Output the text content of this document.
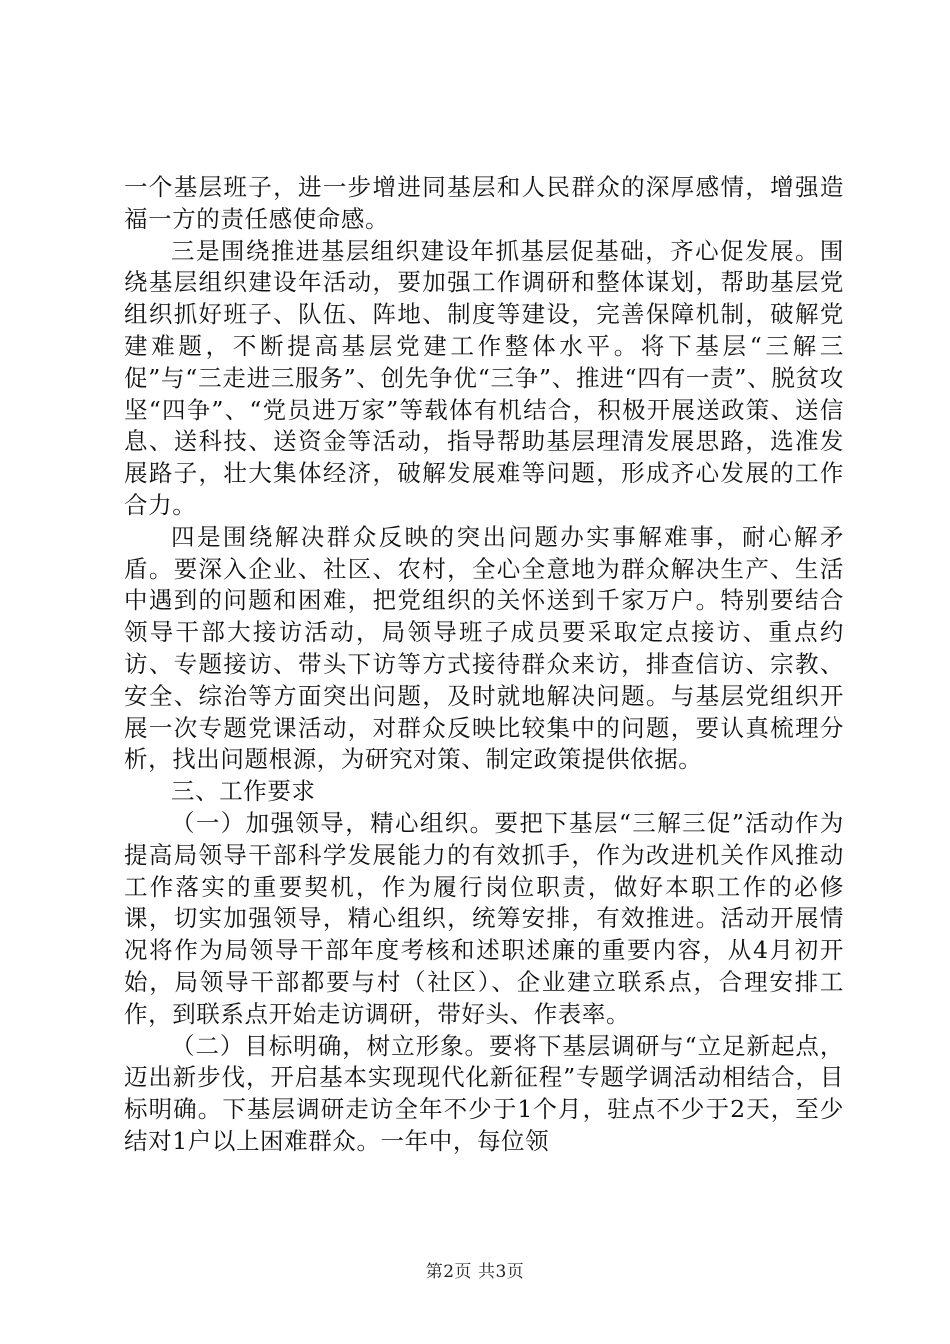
一个基层班子，进一步增进同基层和人民群众的深厚感情，增强造福一方的责任感使命感。

三是围绕推进基层组织建设年抓基层促基础，齐心促发展。围绕基层组织建设年活动，要加强工作调研和整体谋划，帮助基层党组织抓好班子、队伍、阵地、制度等建设，完善保障机制，破解党建难题，不断提高基层党建工作整体水平。将下基层“三解三促”与“三走进三服务”、创先争优“三争”、推进“四有一责”、脱贫攻坚“四争”、“党员进万家”等载体有机结合，积极开展送政策、送信息、送科技、送资金等活动，指导帮助基层理清发展思路，选准发展路子，壮大集体经济，破解发展难等问题，形成齐心发展的工作合力。

四是围绕解决群众反映的突出问题办实事解难事，耐心解矛盾。要深入企业、社区、农村，全心全意地为群众解决生产、生活中遇到的问题和困难，把党组织的关怀送到千家万户。特别要结合领导干部大接访活动，局领导班子成员要采取定点接访、重点约访、专题接访、带头下访等方式接待群众来访，排查信访、宗教、安全、综治等方面突出问题，及时就地解决问题。与基层党组织开展一次专题党课活动，对群众反映比较集中的问题，要认真梳理分析，找出问题根源，为研究对策、制定政策提供依据。

三、工作要求

（一）加强领导，精心组织。要把下基层“三解三促”活动作为提高局领导干部科学发展能力的有效抓手，作为改进机关作风推动工作落实的重要契机，作为履行岗位职责，做好本职工作的必修课，切实加强领导，精心组织，统筹安排，有效推进。活动开展情况将作为局领导干部年度考核和述职述廉的重要内容，从4月初开始，局领导干部都要与村（社区）、企业建立联系点，合理安排工作，到联系点开始走访调研，带好头、作表率。

（二）目标明确，树立形象。要将下基层调研与“立足新起点，迈出新步伐，开启基本实现现代化新征程”专题学调活动相结合，目标明确。下基层调研走访全年不少于1个月，驻点不少于2天，至少结对1户以上困难群众。一年中，每位领

第2页 共3页
